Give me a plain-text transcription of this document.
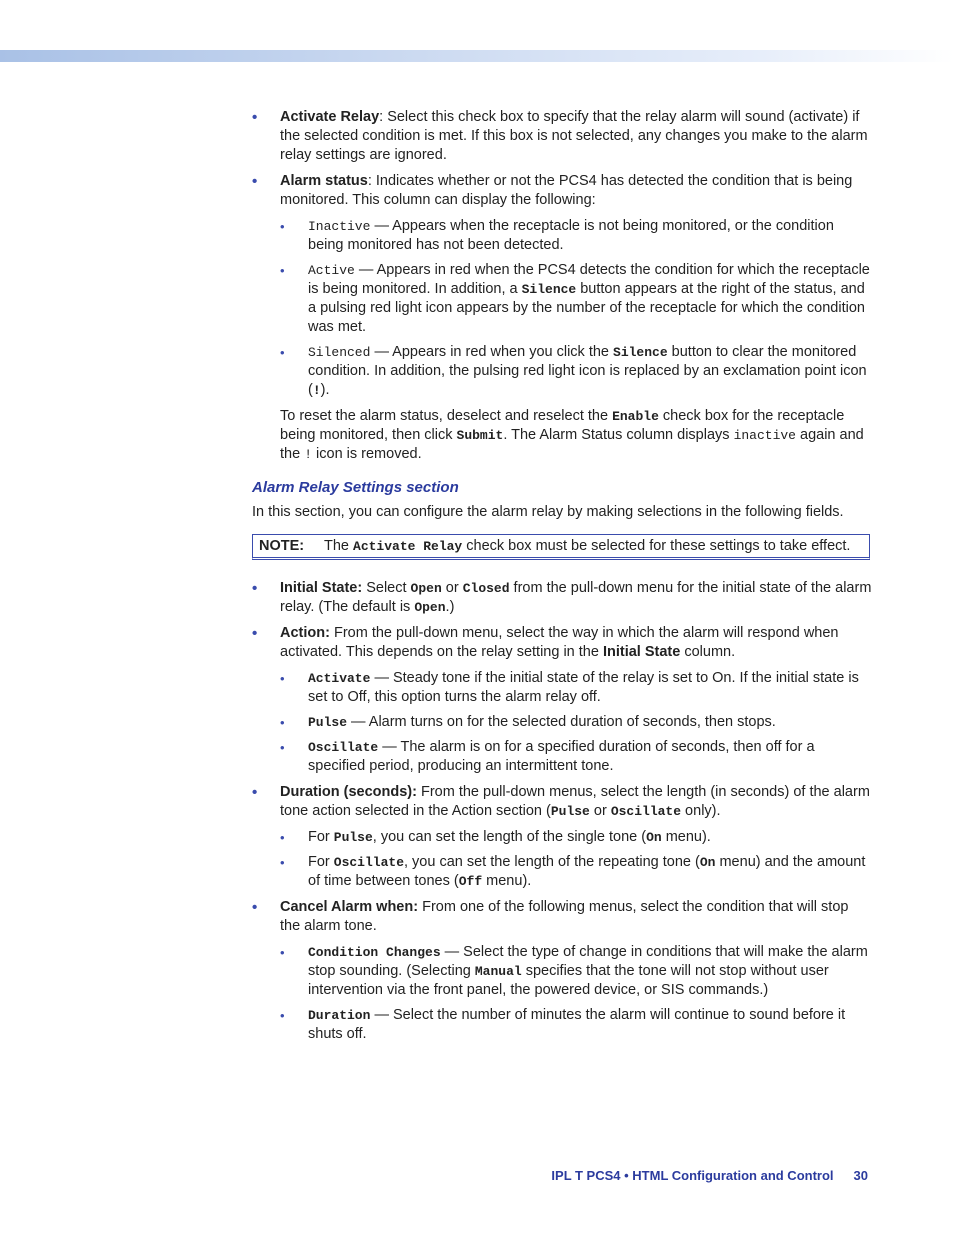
• Activate Relay: Select this check box to specify that the relay alarm will sound (activate) if the selected condition is met. If this box is not selected, any changes you make to the alarm relay settings are ignored.
• Alarm status: Indicates whether or not the PCS4 has detected the condition that is being monitored. This column can display the following:
• Inactive — Appears when the receptacle is not being monitored, or the condition being monitored has not been detected.
• Active — Appears in red when the PCS4 detects the condition for which the receptacle is being monitored. In addition, a Silence button appears at the right of the status, and a pulsing red light icon appears by the number of the receptacle for which the condition was met.
• Silenced — Appears in red when you click the Silence button to clear the monitored condition. In addition, the pulsing red light icon is replaced by an exclamation point icon (!).

To reset the alarm status, deselect and reselect the Enable check box for the receptacle being monitored, then click Submit. The Alarm Status column displays inactive again and the ! icon is removed.

Alarm Relay Settings section

In this section, you can configure the alarm relay by making selections in the following fields.

NOTE:	The Activate Relay check box must be selected for these settings to take effect.
• Initial State: Select Open or Closed from the pull-down menu for the initial state of the alarm relay. (The default is Open.)
• Action: From the pull-down menu, select the way in which the alarm will respond when activated. This depends on the relay setting in the Initial State column.
• Activate — Steady tone if the initial state of the relay is set to On. If the initial state is set to Off, this option turns the alarm relay off.
• Pulse — Alarm turns on for the selected duration of seconds, then stops.
• Oscillate — The alarm is on for a specified duration of seconds, then off for a specified period, producing an intermittent tone.
• Duration (seconds): From the pull-down menus, select the length (in seconds) of the alarm tone action selected in the Action section (Pulse or Oscillate only).
• For Pulse, you can set the length of the single tone (On menu).
• For Oscillate, you can set the length of the repeating tone (On menu) and the amount of time between tones (Off menu).
• Cancel Alarm when: From one of the following menus, select the condition that will stop the alarm tone.
• Condition Changes — Select the type of change in conditions that will make the alarm stop sounding. (Selecting Manual specifies that the tone will not stop without user intervention via the front panel, the powered device, or SIS commands.)
• Duration — Select the number of minutes the alarm will continue to sound before it shuts off.
IPL T PCS4 • HTML Configuration and Control 30
